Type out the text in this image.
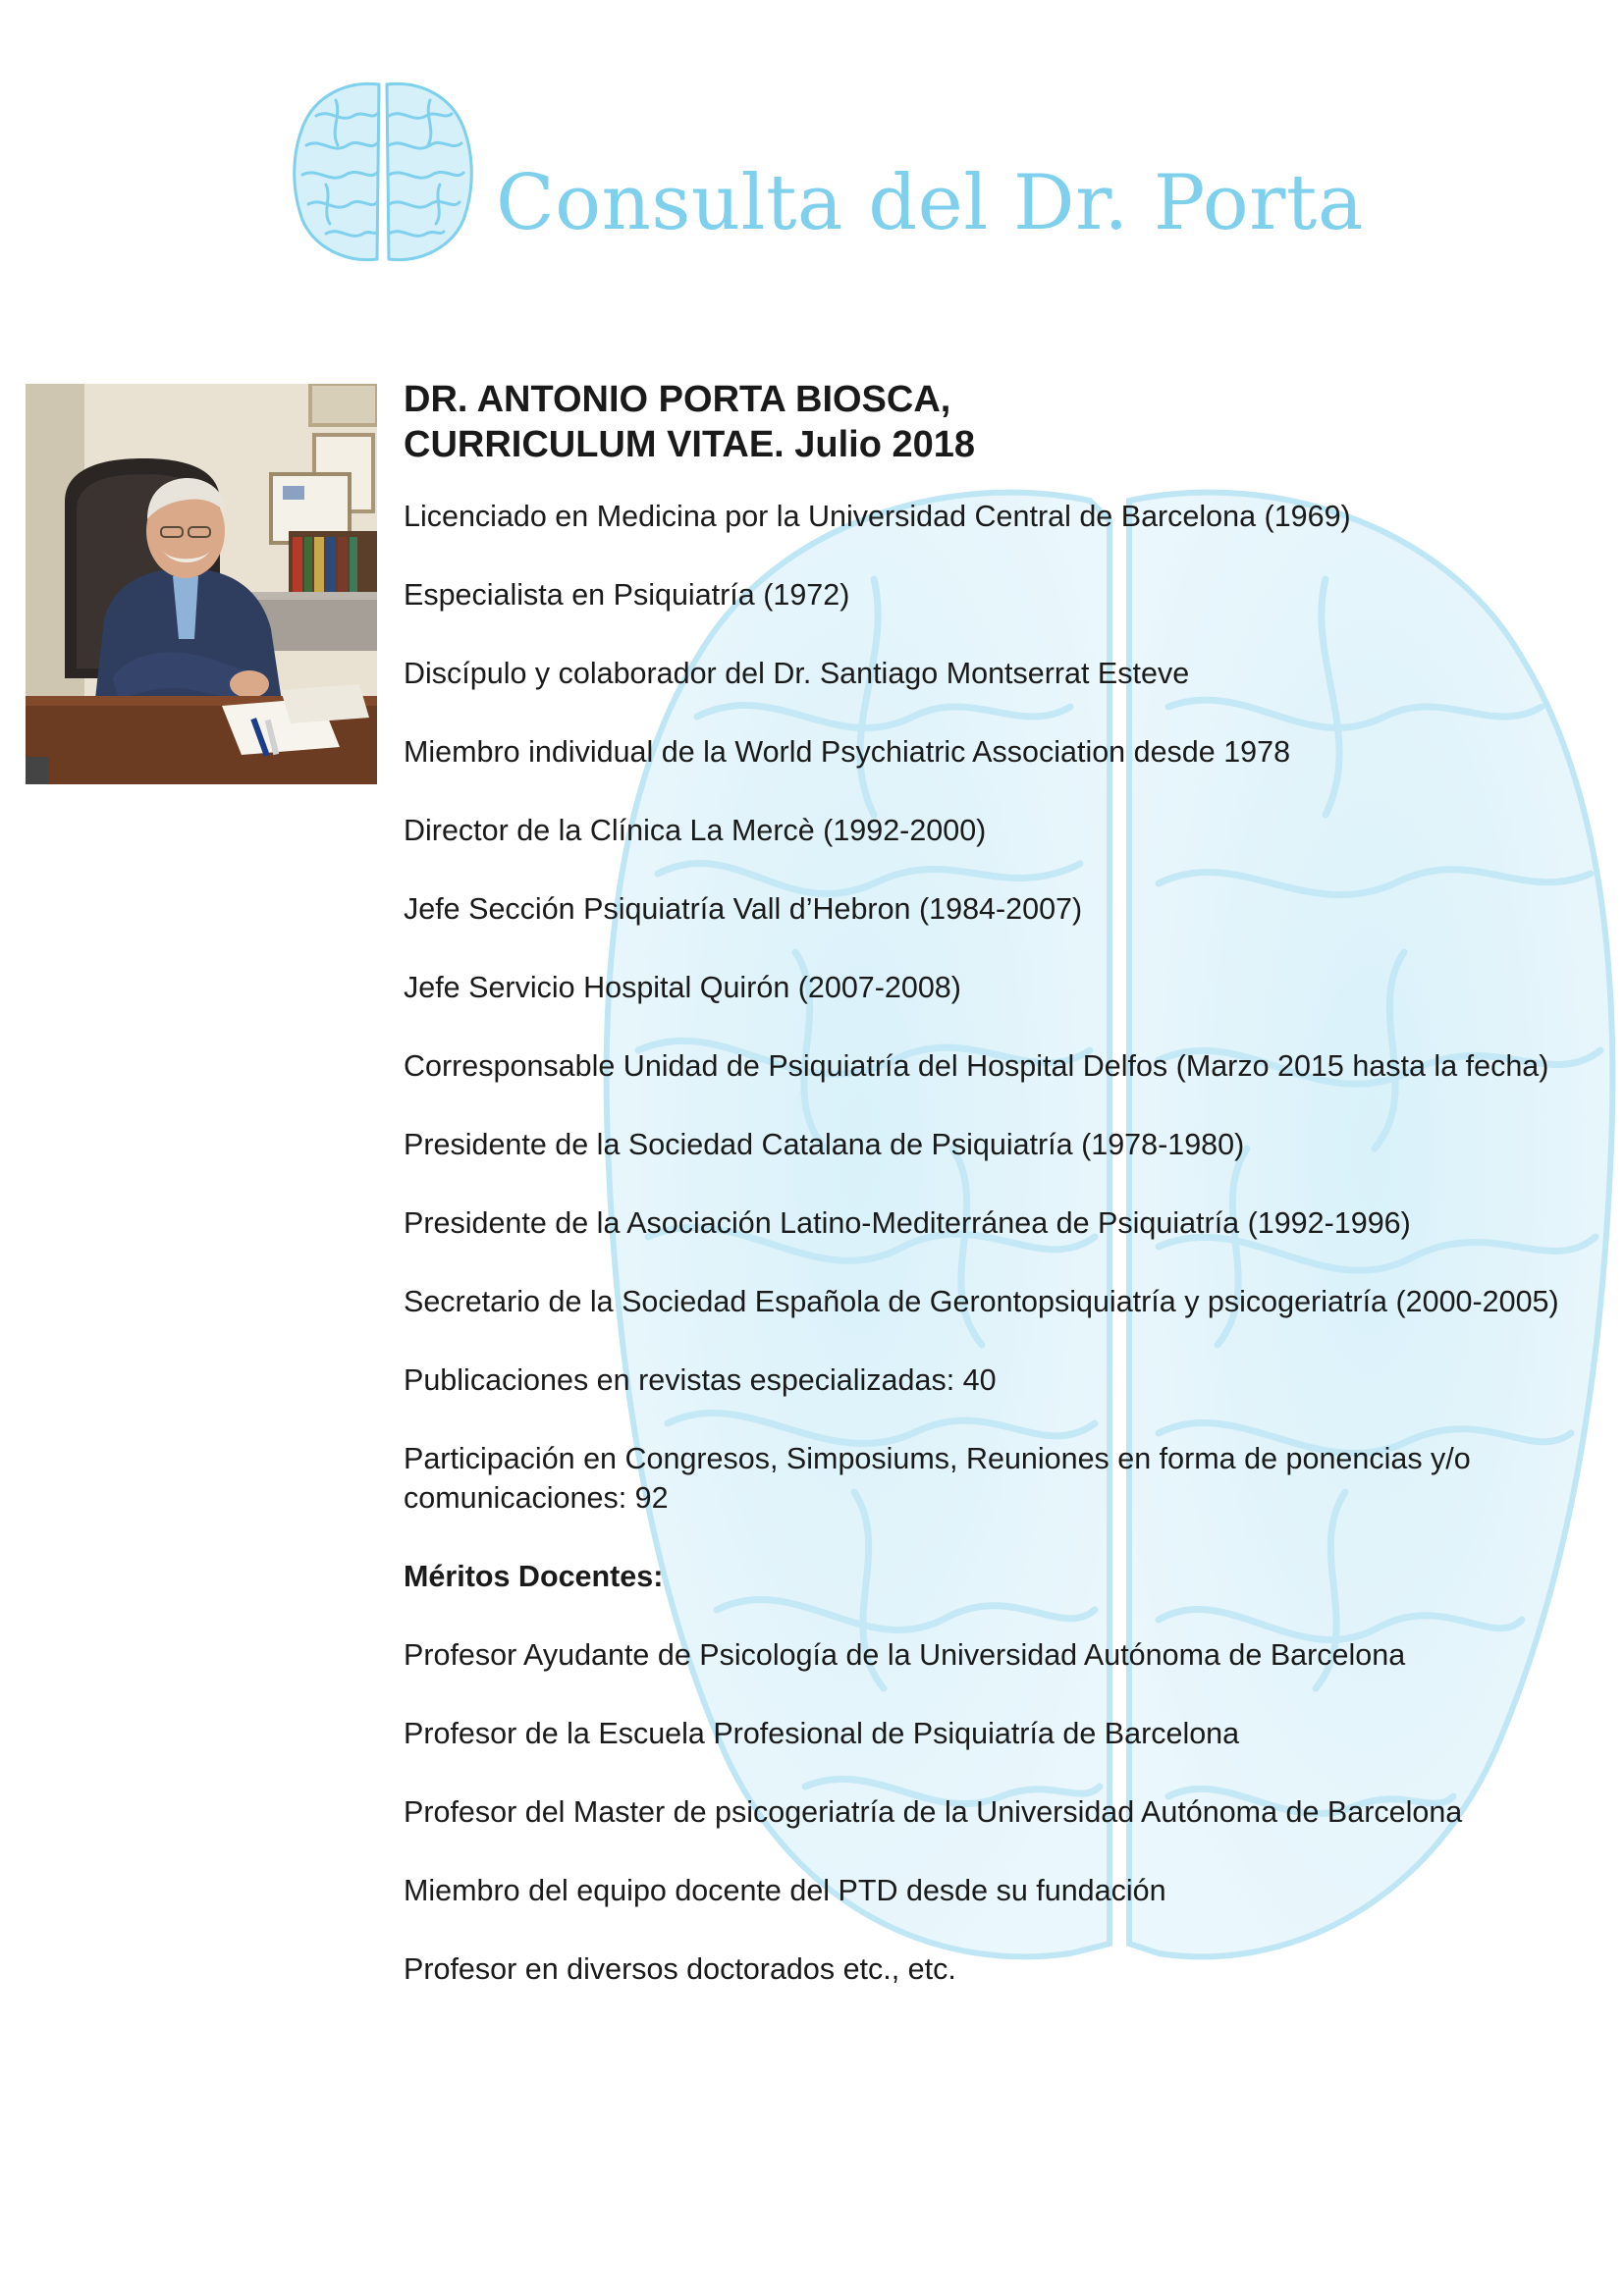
Consulta del Dr. Porta
DR. ANTONIO PORTA BIOSCA,
CURRICULUM VITAE. Julio 2018
Licenciado en Medicina por la Universidad Central de Barcelona (1969)
Especialista en Psiquiatría (1972)
Discípulo y colaborador del Dr. Santiago Montserrat Esteve
Miembro individual de la World Psychiatric Association desde 1978
Director de la Clínica La Mercè (1992-2000)
Jefe Sección Psiquiatría Vall d’Hebron (1984-2007)
Jefe Servicio Hospital Quirón (2007-2008)
Corresponsable Unidad de Psiquiatría del Hospital Delfos (Marzo 2015 hasta la fecha)
Presidente de la Sociedad Catalana de Psiquiatría (1978-1980)
Presidente de la Asociación Latino-Mediterránea de Psiquiatría (1992-1996)
Secretario de la Sociedad Española de Gerontopsiquiatría y psicogeriatría (2000-2005)
Publicaciones en revistas especializadas: 40
Participación en Congresos, Simposiums, Reuniones en forma de ponencias y/o comunicaciones: 92
Méritos Docentes:
Profesor Ayudante de Psicología de la Universidad Autónoma de Barcelona
Profesor de la Escuela Profesional de Psiquiatría de Barcelona
Profesor del Master de psicogeriatría de la Universidad Autónoma de Barcelona
Miembro del equipo docente del PTD desde su fundación
Profesor en diversos doctorados etc., etc.
